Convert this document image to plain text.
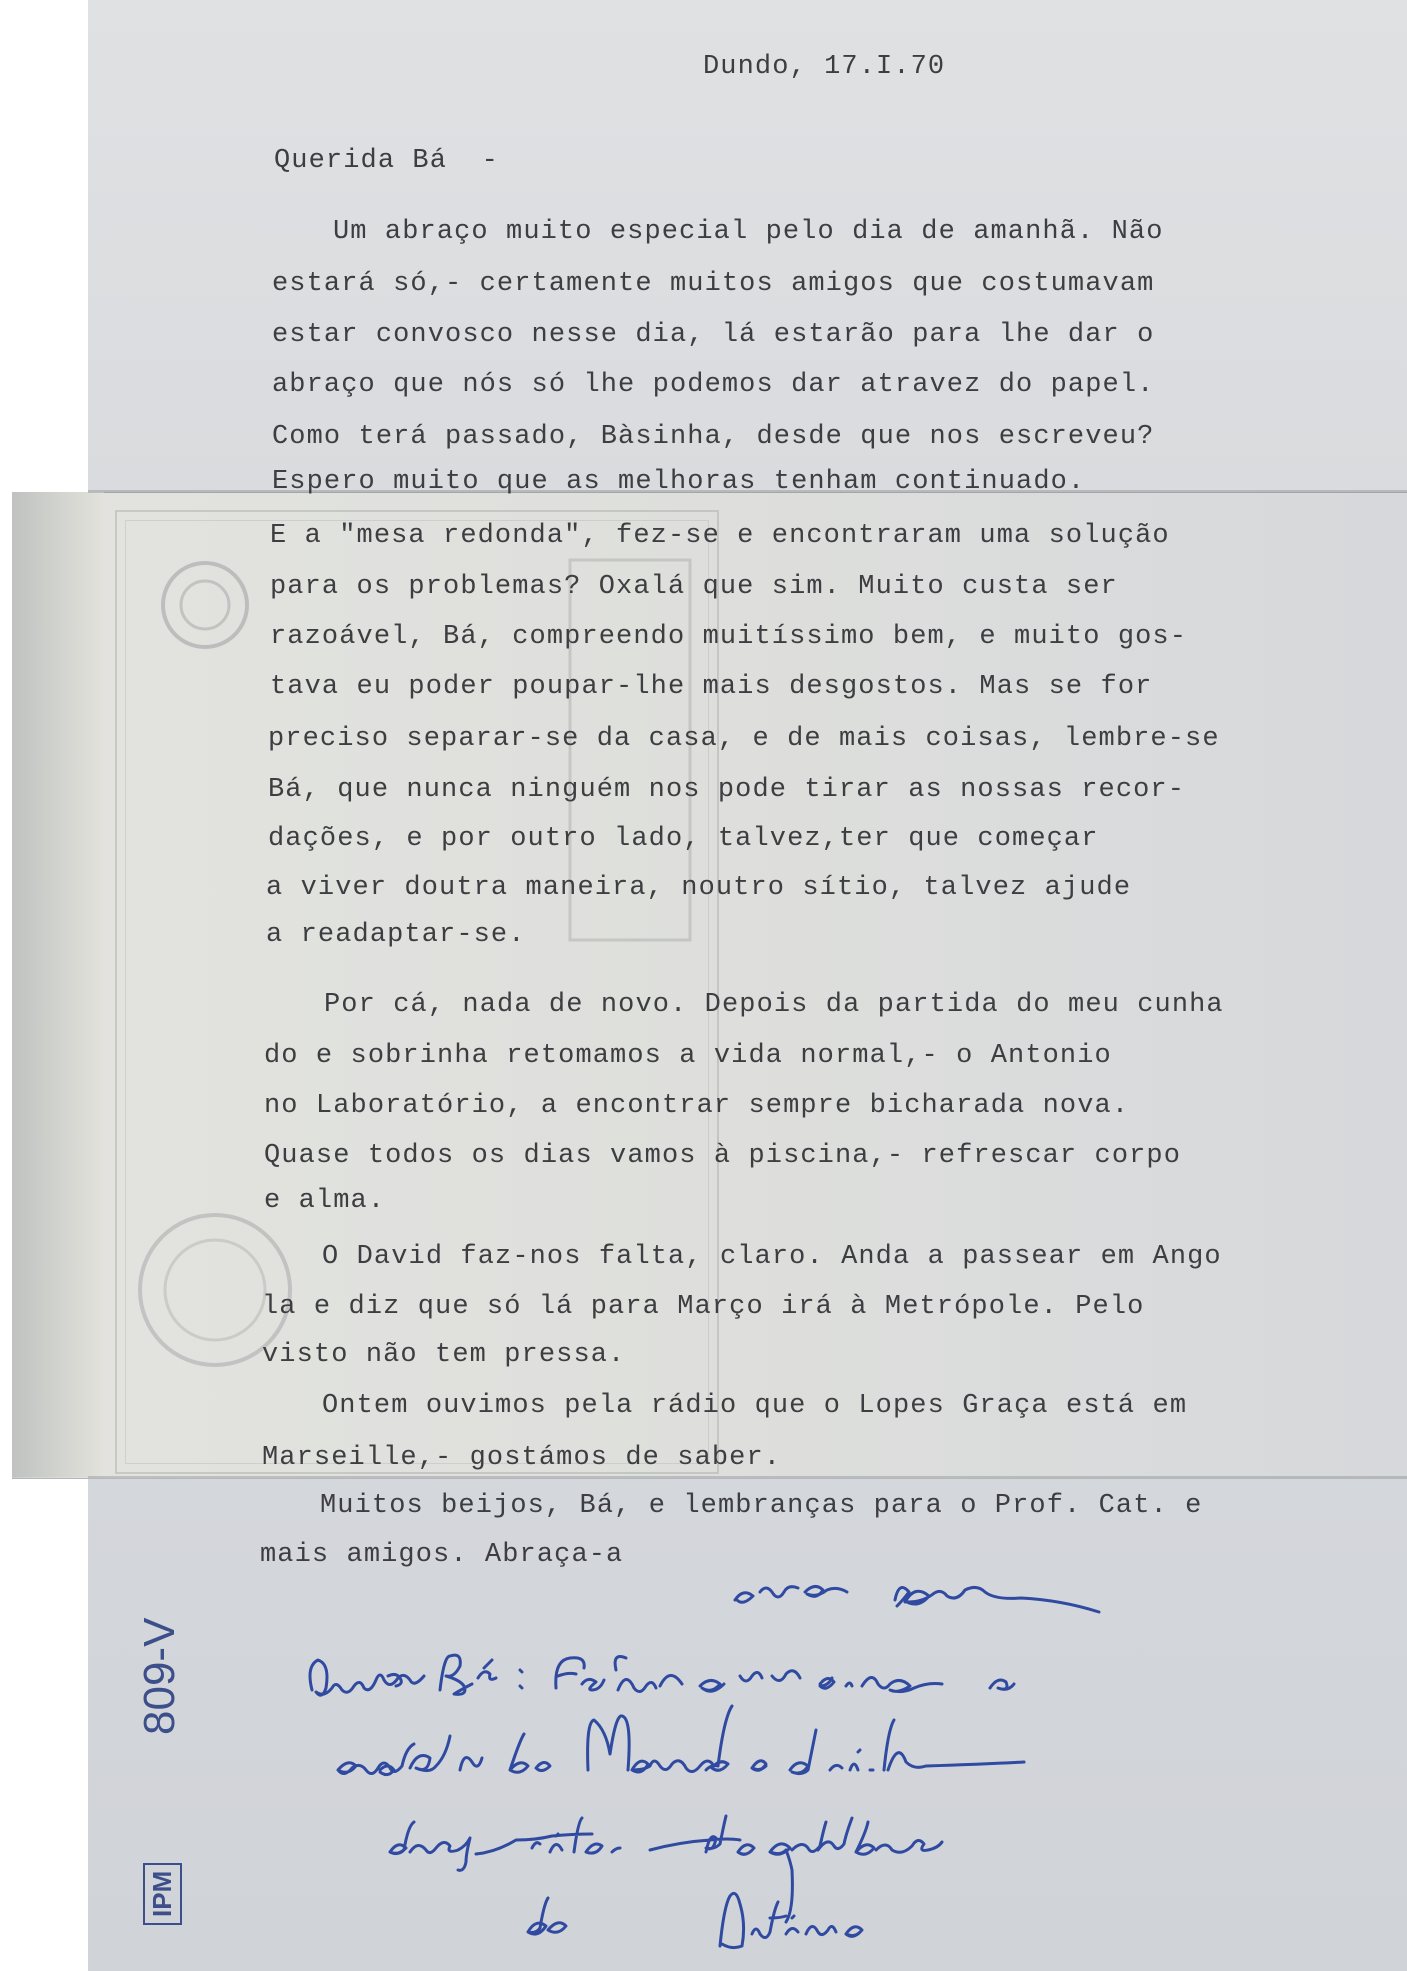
Dundo, 17.I.70

Querida Bá  -

Um abraço muito especial pelo dia de amanhã. Não

estará só,- certamente muitos amigos que costumavam

estar convosco nesse dia, lá estarão para lhe dar o

abraço que nós só lhe podemos dar atravez do papel.

Como terá passado, Bàsinha, desde que nos escreveu?

Espero muito que as melhoras tenham continuado.

E a "mesa redonda", fez-se e encontraram uma solução

para os problemas? Oxalá que sim. Muito custa ser

razoável, Bá, compreendo muitíssimo bem, e muito gos-

tava eu poder poupar-lhe mais desgostos. Mas se for

preciso separar-se da casa, e de mais coisas, lembre-se

Bá, que nunca ninguém nos pode tirar as nossas recor-

dações, e por outro lado, talvez,ter que começar

a viver doutra maneira, noutro sítio, talvez ajude

a readaptar-se.

Por cá, nada de novo. Depois da partida do meu cunha

do e sobrinha retomamos a vida normal,- o Antonio

no Laboratório, a encontrar sempre bicharada nova.

Quase todos os dias vamos à piscina,- refrescar corpo

e alma.

O David faz-nos falta, claro. Anda a passear em Ango

la e diz que só lá para Março irá à Metrópole. Pelo

visto não tem pressa.

Ontem ouvimos pela rádio que o Lopes Graça está em

Marseille,- gostámos de saber.

Muitos beijos, Bá, e lembranças para o Prof. Cat. e

mais amigos. Abraça-a

809-V
IPM
